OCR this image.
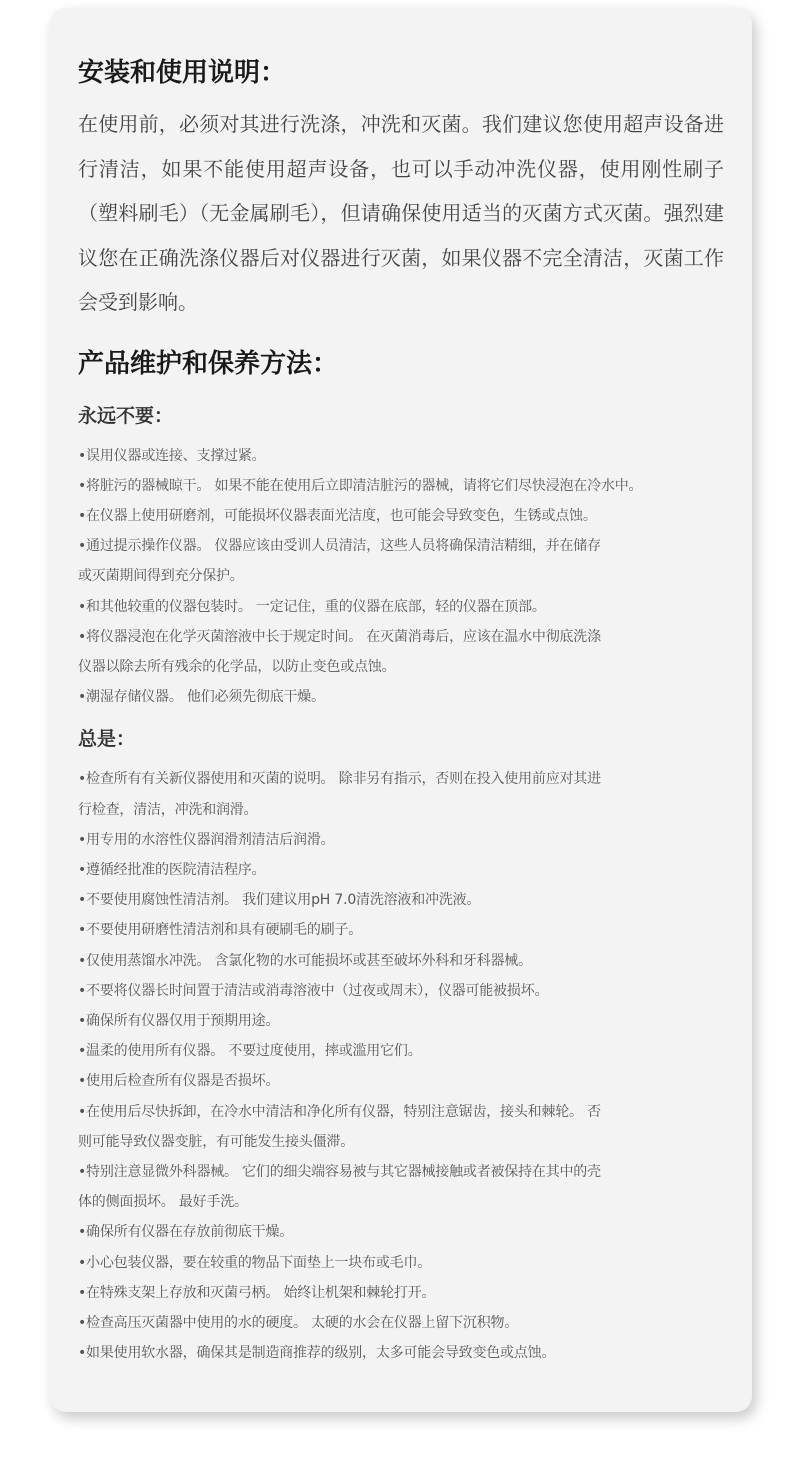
安装和使用说明：

在使用前，必须对其进行洗涤，冲洗和灭菌。我们建议您使用超声设备进行清洁，如果不能使用超声设备，也可以手动冲洗仪器，使用刚性刷子（塑料刷毛）（无金属刷毛），但请确保使用适当的灭菌方式灭菌。强烈建议您在正确洗涤仪器后对仪器进行灭菌，如果仪器不完全清洁，灭菌工作会受到影响。

产品维护和保养方法：
永远不要：
•误用仪器或连接、支撑过紧。
•将脏污的器械晾干。 如果不能在使用后立即清洁脏污的器械，请将它们尽快浸泡在冷水中。
•在仪器上使用研磨剂，可能损坏仪器表面光洁度，也可能会导致变色，生锈或点蚀。
•通过提示操作仪器。 仪器应该由受训人员清洁，这些人员将确保清洁精细，并在储存
或灭菌期间得到充分保护。
•和其他较重的仪器包装时。 一定记住，重的仪器在底部，轻的仪器在顶部。
•将仪器浸泡在化学灭菌溶液中长于规定时间。 在灭菌消毒后，应该在温水中彻底洗涤
仪器以除去所有残余的化学品，以防止变色或点蚀。
•潮湿存储仪器。 他们必须先彻底干燥。
总是：
•检查所有有关新仪器使用和灭菌的说明。 除非另有指示，否则在投入使用前应对其进
行检查，清洁，冲洗和润滑。
•用专用的水溶性仪器润滑剂清洁后润滑。
•遵循经批准的医院清洁程序。
•不要使用腐蚀性清洁剂。 我们建议用pH 7.0清洗溶液和冲洗液。
•不要使用研磨性清洁剂和具有硬刷毛的刷子。
•仅使用蒸馏水冲洗。 含氯化物的水可能损坏或甚至破坏外科和牙科器械。
•不要将仪器长时间置于清洁或消毒溶液中（过夜或周末），仪器可能被损坏。
•确保所有仪器仅用于预期用途。
•温柔的使用所有仪器。 不要过度使用，摔或滥用它们。
•使用后检查所有仪器是否损坏。
•在使用后尽快拆卸，在冷水中清洁和净化所有仪器，特别注意锯齿，接头和棘轮。 否
则可能导致仪器变脏，有可能发生接头僵滞。
•特别注意显微外科器械。 它们的细尖端容易被与其它器械接触或者被保持在其中的壳
体的侧面损坏。 最好手洗。
•确保所有仪器在存放前彻底干燥。
•小心包装仪器，要在较重的物品下面垫上一块布或毛巾。
•在特殊支架上存放和灭菌弓柄。 始终让机架和棘轮打开。
•检查高压灭菌器中使用的水的硬度。 太硬的水会在仪器上留下沉积物。
•如果使用软水器，确保其是制造商推荐的级别，太多可能会导致变色或点蚀。
